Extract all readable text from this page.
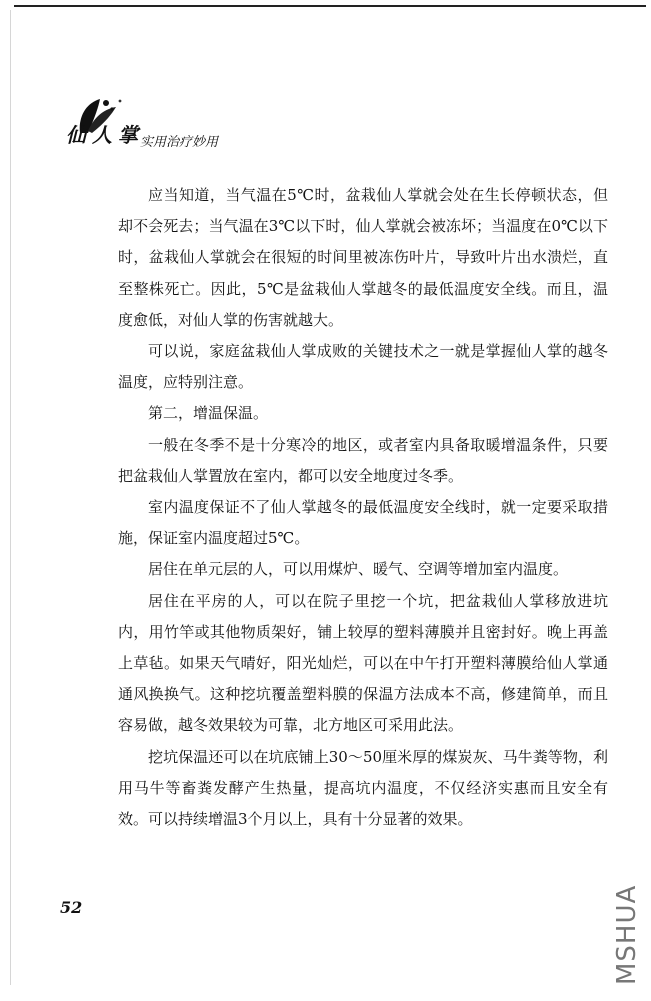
仙人掌
实用治疗妙用

应当知道，当气温在5℃时，盆栽仙人掌就会处在生长停顿状态，但却不会死去；当气温在3℃以下时，仙人掌就会被冻坏；当温度在0℃以下时，盆栽仙人掌就会在很短的时间里被冻伤叶片，导致叶片出水溃烂，直至整株死亡。因此，5℃是盆栽仙人掌越冬的最低温度安全线。而且，温度愈低，对仙人掌的伤害就越大。

可以说，家庭盆栽仙人掌成败的关键技术之一就是掌握仙人掌的越冬温度，应特别注意。

第二，增温保温。

一般在冬季不是十分寒冷的地区，或者室内具备取暖增温条件，只要把盆栽仙人掌置放在室内，都可以安全地度过冬季。

室内温度保证不了仙人掌越冬的最低温度安全线时，就一定要采取措施，保证室内温度超过5℃。

居住在单元层的人，可以用煤炉、暖气、空调等增加室内温度。

居住在平房的人，可以在院子里挖一个坑，把盆栽仙人掌移放进坑内，用竹竿或其他物质架好，铺上较厚的塑料薄膜并且密封好。晚上再盖上草毡。如果天气晴好，阳光灿烂，可以在中午打开塑料薄膜给仙人掌通通风换换气。这种挖坑覆盖塑料膜的保温方法成本不高，修建简单，而且容易做，越冬效果较为可靠，北方地区可采用此法。

挖坑保温还可以在坑底铺上30～50厘米厚的煤炭灰、马牛粪等物，利用马牛等畜粪发酵产生热量，提高坑内温度，不仅经济实惠而且安全有效。可以持续增温3个月以上，具有十分显著的效果。

52	MSHUA
